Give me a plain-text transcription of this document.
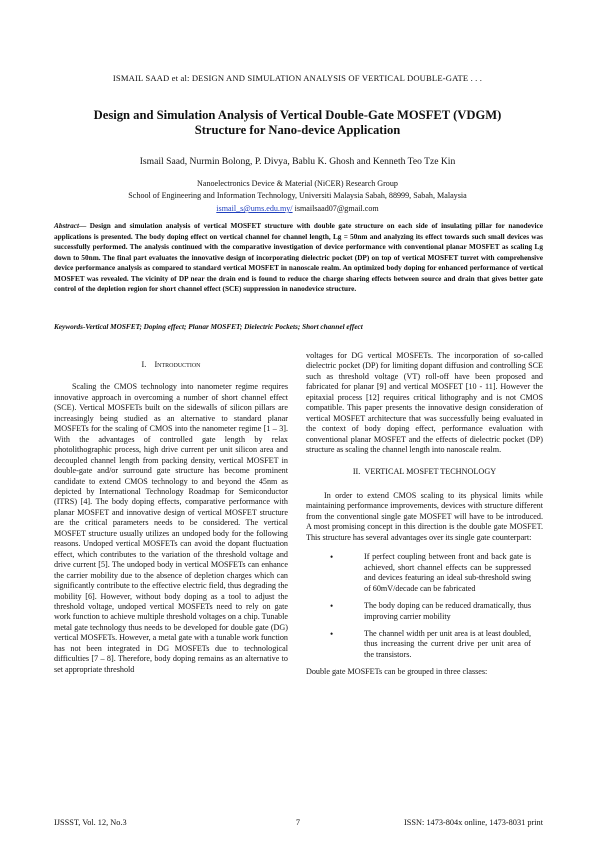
ISMAIL SAAD et al: DESIGN AND SIMULATION ANALYSIS OF VERTICAL DOUBLE-GATE . . .
Design and Simulation Analysis of Vertical Double-Gate MOSFET (VDGM)
Structure for Nano-device Application
Ismail Saad, Nurmin Bolong, P. Divya, Bablu K. Ghosh and Kenneth Teo Tze Kin
Nanoelectronics Device & Material (NiCER) Research Group
School of Engineering and Information Technology, Universiti Malaysia Sabah, 88999, Sabah, Malaysia
ismail_s@ums.edu.my/ ismailsaad07@gmail.com
Abstract— Design and simulation analysis of vertical MOSFET structure with double gate structure on each side of insulating pillar for nanodevice applications is presented. The body doping effect on vertical channel for channel length, Lg = 50nm and analyzing its effect towards such small devices was successfully performed. The analysis continued with the comparative investigation of device performance with conventional planar MOSFET as scaling Lg down to 50nm. The final part evaluates the innovative design of incorporating dielectric pocket (DP) on top of vertical MOSFET turret with comprehensive device performance analysis as compared to standard vertical MOSFET in nanoscale realm. An optimized body doping for enhanced performance of vertical MOSFET was revealed. The vicinity of DP near the drain end is found to reduce the charge sharing effects between source and drain that gives better gate control of the depletion region for short channel effect (SCE) suppression in nanodevice structure.
Keywords-Vertical MOSFET; Doping effect; Planar MOSFET; Dielectric Pockets; Short channel effect
I. Introduction

Scaling the CMOS technology into nanometer regime requires innovative approach in overcoming a number of short channel effect (SCE). Vertical MOSFETs built on the sidewalls of silicon pillars are increasingly being studied as an alternative to standard planar MOSFETs for the scaling of CMOS into the nanometer regime [1 – 3]. With the advantages of controlled gate length by relax photolithographic process, high drive current per unit silicon area and decoupled channel length from packing density, vertical MOSFET in double-gate and/or surround gate structure has become prominent candidate to extend CMOS technology to and beyond the 45nm as depicted by International Technology Roadmap for Semiconductor (ITRS) [4]. The body doping effects, comparative performance with planar MOSFET and innovative design of vertical MOSFET structure are the critical parameters needs to be considered. The vertical MOSFET structure usually utilizes an undoped body for the following reasons. Undoped vertical MOSFETs can avoid the dopant fluctuation effect, which contributes to the variation of the threshold voltage and drive current [5]. The undoped body in vertical MOSFETs can enhance the carrier mobility due to the absence of depletion charges which can significantly contribute to the effective electric field, thus degrading the mobility [6]. However, without body doping as a tool to adjust the threshold voltage, undoped vertical MOSFETs need to rely on gate work function to achieve multiple threshold voltages on a chip. Tunable metal gate technology thus needs to be developed for double gate (DG) vertical MOSFETs. However, a metal gate with a tunable work function has not been integrated in DG MOSFETs due to technological difficulties [7 – 8]. Therefore, body doping remains as an alternative to set appropriate threshold

voltages for DG vertical MOSFETs. The incorporation of so-called dielectric pocket (DP) for limiting dopant diffusion and controlling SCE such as threshold voltage (VT) roll-off have been proposed and fabricated for planar [9] and vertical MOSFET [10 - 11]. However the epitaxial process [12] requires critical lithography and is not CMOS compatible. This paper presents the innovative design consideration of vertical MOSFET architecture that was successfully being evaluated in the context of body doping effect, performance evaluation with conventional planar MOSFET and the effects of dielectric pocket (DP) structure as scaling the channel length into nanoscale realm.

II. VERTICAL MOSFET TECHNOLOGY

In order to extend CMOS scaling to its physical limits while maintaining performance improvements, devices with structure different from the conventional single gate MOSFET will have to be introduced. A most promising concept in this direction is the double gate MOSFET. This structure has several advantages over its single gate counterpart:

•	If perfect coupling between front and back gate is achieved, short channel effects can be suppressed and devices featuring an ideal sub-threshold swing of 60mV/decade can be fabricated
•	The body doping can be reduced dramatically, thus improving carrier mobility
•	The channel width per unit area is at least doubled, thus increasing the current drive per unit area of the transistors.

Double gate MOSFETs can be grouped in three classes:

IJSSST, Vol. 12, No.3	7	ISSN: 1473-804x online, 1473-8031 print
